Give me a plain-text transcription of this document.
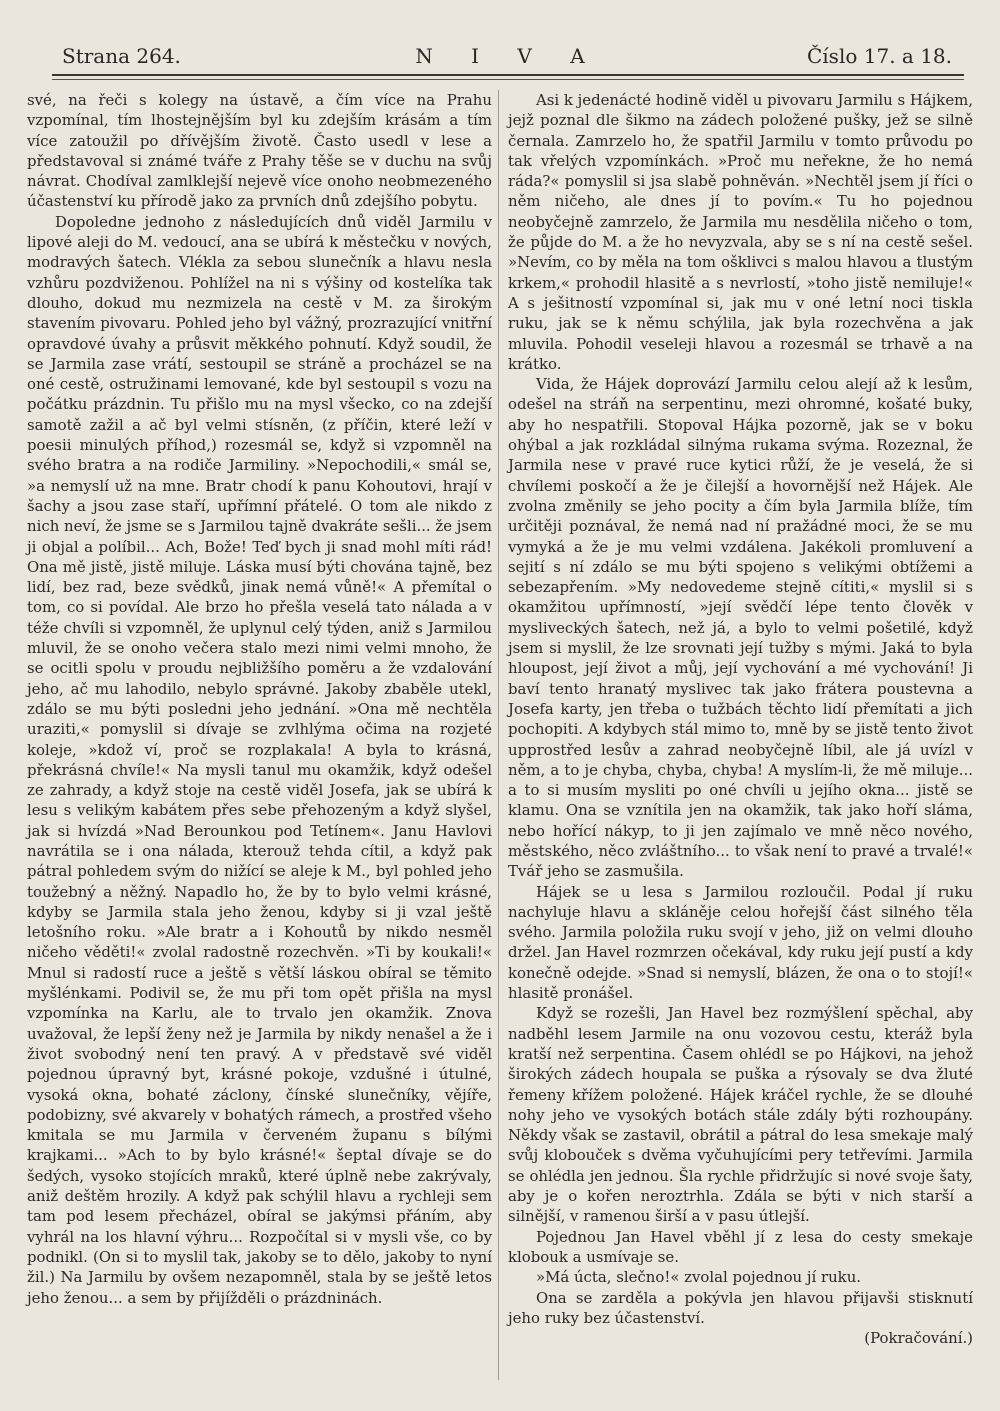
Strana 264.	N I V A	Číslo 17. a 18.

své, na řeči s kolegy na ústavě, a čím více na Prahu vzpomínal, tím lhostejnějším byl ku zdejším krásám a tím více zatoužil po dřívějším životě. Často usedl v lese a představoval si známé tváře z Prahy těše se v duchu na svůj návrat. Chodíval zamlklejší nejevě více onoho neobmezeného účastenství ku přírodě jako za prvních dnů zdejšího pobytu.

Dopoledne jednoho z následujících dnů viděl Jarmilu v lipové aleji do M. vedoucí, ana se ubírá k městečku v nových, modravých šatech. Vlékla za sebou slunečník a hlavu nesla vzhůru pozdviženou. Pohlížel na ni s výšiny od kostelíka tak dlouho, dokud mu nezmizela na cestě v M. za širokým stavením pivovaru. Pohled jeho byl vážný, prozrazující vnitřní opravdové úvahy a průsvit měkkého pohnutí. Když soudil, že se Jarmila zase vrátí, sestoupil se stráně a procházel se na oné cestě, ostružinami lemované, kde byl sestoupil s vozu na počátku prázdnin. Tu přišlo mu na mysl všecko, co na zdejší samotě zažil a ač byl velmi stísněn, (z příčin, které leží v poesii minulých příhod,) rozesmál se, když si vzpomněl na svého bratra a na rodiče Jarmiliny. »Nepochodili,« smál se, »a nemyslí už na mne. Bratr chodí k panu Kohoutovi, hrají v šachy a jsou zase staří, upřímní přátelé. O tom ale nikdo z nich neví, že jsme se s Jarmilou tajně dvakráte sešli... že jsem ji objal a políbil... Ach, Bože! Teď bych ji snad mohl míti rád! Ona mě jistě, jistě miluje. Láska musí býti chována tajně, bez lidí, bez rad, beze svědků, jinak nemá vůně!« A přemítal o tom, co si povídal. Ale brzo ho přešla veselá tato nálada a v téže chvíli si vzpomněl, že uplynul celý týden, aniž s Jarmilou mluvil, že se onoho večera stalo mezi nimi velmi mnoho, že se ocitli spolu v proudu nejbližšího poměru a že vzdalování jeho, ač mu lahodilo, nebylo správné. Jakoby zbaběle utekl, zdálo se mu býti posledni jeho jednání. »Ona mě nechtěla uraziti,« pomyslil si dívaje se zvlhlýma očima na rozjeté koleje, »kdož ví, proč se rozplakala! A byla to krásná, překrásná chvíle!« Na mysli tanul mu okamžik, když odešel ze zahrady, a když stoje na cestě viděl Josefa, jak se ubírá k lesu s velikým kabátem přes sebe přehozeným a když slyšel, jak si hvízdá »Nad Berounkou pod Tetínem«. Janu Havlovi navrátila se i ona nálada, kterouž tehda cítil, a když pak pátral pohledem svým do nižící se aleje k M., byl pohled jeho toužebný a něžný. Napadlo ho, že by to bylo velmi krásné, kdyby se Jarmila stala jeho ženou, kdyby si ji vzal ještě letošního roku. »Ale bratr a i Kohoutů by nikdo nesměl ničeho věděti!« zvolal radostně rozechvěn. »Ti by koukali!« Mnul si radostí ruce a ještě s větší láskou obíral se těmito myšlénkami. Podivil se, že mu při tom opět přišla na mysl vzpomínka na Karlu, ale to trvalo jen okamžik. Znova uvažoval, že lepší ženy než je Jarmila by nikdy nenašel a že i život svobodný není ten pravý. A v představě své viděl pojednou úpravný byt, krásné pokoje, vzdušné i útulné, vysoká okna, bohaté záclony, čínské slunečníky, vějíře, podobizny, své akvarely v bohatých rámech, a prostřed všeho kmitala se mu Jarmila v červeném županu s bílými krajkami... »Ach to by bylo krásné!« šeptal dívaje se do šedých, vysoko stojících mraků, které úplně nebe zakrývaly, aniž deštěm hrozily. A když pak schýlil hlavu a rychleji sem tam pod lesem přecházel, obíral se jakýmsi přáním, aby vyhrál na los hlavní výhru... Rozpočítal si v mysli vše, co by podnikl. (On si to myslil tak, jakoby se to dělo, jakoby to nyní žil.) Na Jarmilu by ovšem nezapomněl, stala by se ještě letos jeho ženou... a sem by přijížděli o prázdninách.

Asi k jedenácté hodině viděl u pivovaru Jarmilu s Hájkem, jejž poznal dle šikmo na zádech položené pušky, jež se silně černala. Zamrzelo ho, že spatřil Jarmilu v tomto průvodu po tak vřelých vzpomínkách. »Proč mu neřekne, že ho nemá ráda?« pomyslil si jsa slabě pohněván. »Nechtěl jsem jí říci o něm ničeho, ale dnes jí to povím.« Tu ho pojednou neobyčejně zamrzelo, že Jarmila mu nesdělila ničeho o tom, že půjde do M. a že ho nevyzvala, aby se s ní na cestě sešel. »Nevím, co by měla na tom ošklivci s malou hlavou a tlustým krkem,« prohodil hlasitě a s nevrlostí, »toho jistě nemiluje!« A s ješitností vzpomínal si, jak mu v oné letní noci tiskla ruku, jak se k němu schýlila, jak byla rozechvěna a jak mluvila. Pohodil veseleji hlavou a rozesmál se trhavě a na krátko.

Vida, že Hájek doprovází Jarmilu celou alejí až k lesům, odešel na stráň na serpentinu, mezi ohromné, košaté buky, aby ho nespatřili. Stopoval Hájka pozorně, jak se v boku ohýbal a jak rozkládal silnýma rukama svýma. Rozeznal, že Jarmila nese v pravé ruce kytici růží, že je veselá, že si chvílemi poskočí a že je čilejší a hovornější než Hájek. Ale zvolna změnily se jeho pocity a čím byla Jarmila blíže, tím určitěji poznával, že nemá nad ní pražádné moci, že se mu vymyká a že je mu velmi vzdálena. Jakékoli promluvení a sejití s ní zdálo se mu býti spojeno s velikými obtížemi a sebezapřením. »My nedovedeme stejně cítiti,« myslil si s okamžitou upřímností, »její svědčí lépe tento člověk v mysliveckých šatech, než já, a bylo to velmi pošetilé, když jsem si myslil, že lze srovnati její tužby s mými. Jaká to byla hloupost, její život a můj, její vychování a mé vychování! Ji baví tento hranatý myslivec tak jako frátera poustevna a Josefa karty, jen třeba o tužbách těchto lidí přemítati a jich pochopiti. A kdybych stál mimo to, mně by se jistě tento život upprostřed lesův a zahrad neobyčejně líbil, ale já uvízl v něm, a to je chyba, chyba, chyba! A myslím-li, že mě miluje... a to si musím mysliti po oné chvíli u jejího okna... jistě se klamu. Ona se vznítila jen na okamžik, tak jako hoří sláma, nebo hořící nákyp, to ji jen zajímalo ve mně něco nového, městského, něco zvláštního... to však není to pravé a trvalé!« Tvář jeho se zasmušila.

Hájek se u lesa s Jarmilou rozloučil. Podal jí ruku nachyluje hlavu a skláněje celou hořejší část silného těla svého. Jarmila položila ruku svojí v jeho, již on velmi dlouho držel. Jan Havel rozmrzen očekával, kdy ruku její pustí a kdy konečně odejde. »Snad si nemyslí, blázen, že ona o to stojí!« hlasitě pronášel.

Když se rozešli, Jan Havel bez rozmýšlení spěchal, aby nadběhl lesem Jarmile na onu vozovou cestu, kteráž byla kratší než serpentina. Časem ohlédl se po Hájkovi, na jehož širokých zádech houpala se puška a rýsovaly se dva žluté řemeny křížem položené. Hájek kráčel rychle, že se dlouhé nohy jeho ve vysokých botách stále zdály býti rozhoupány. Někdy však se zastavil, obrátil a pátral do lesa smekaje malý svůj klobouček s dvěma vyčuhujícími pery tetřevími. Jarmila se ohlédla jen jednou. Šla rychle přidržujíc si nové svoje šaty, aby je o kořen neroztrhla. Zdála se býti v nich starší a silnější, v ramenou širší a v pasu útlejší.

Pojednou Jan Havel vběhl jí z lesa do cesty smekaje klobouk a usmívaje se.

»Má úcta, slečno!« zvolal pojednou jí ruku.

Ona se zarděla a pokývla jen hlavou přijavši stisknutí jeho ruky bez účastenství.

(Pokračování.)
